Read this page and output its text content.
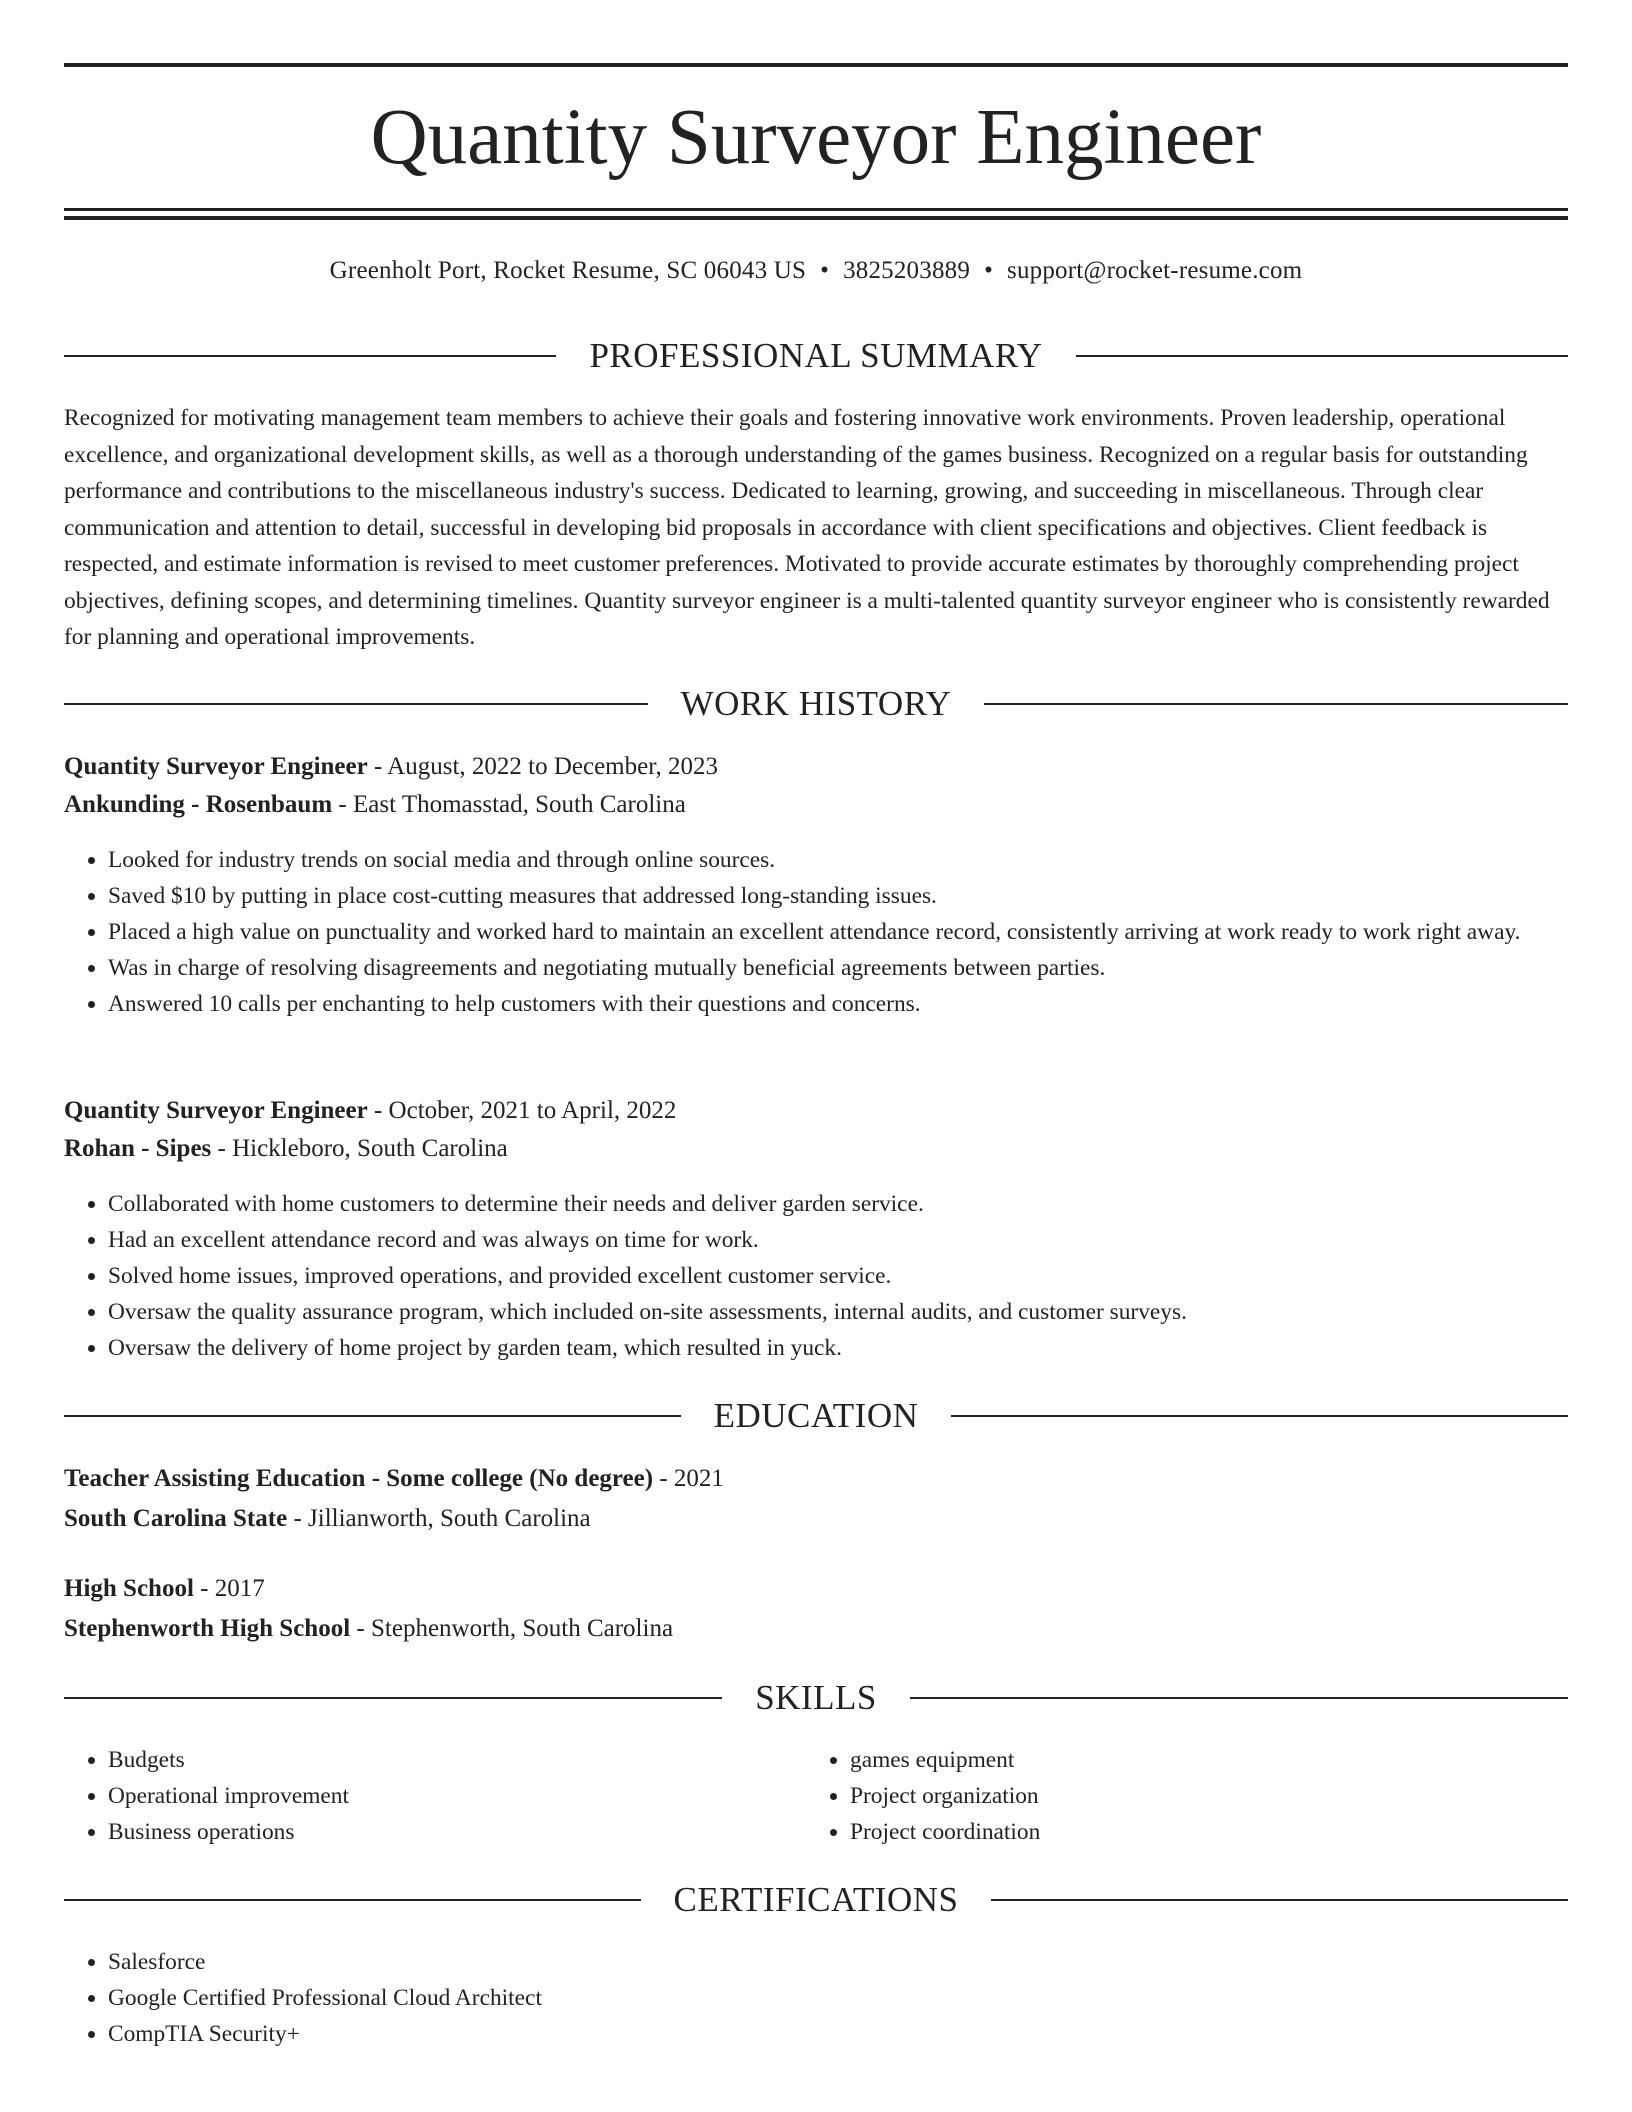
Quantity Surveyor Engineer
Greenholt Port, Rocket Resume, SC 06043 US • 3825203889 • support@rocket-resume.com
PROFESSIONAL SUMMARY

Recognized for motivating management team members to achieve their goals and fostering innovative work environments. Proven leadership, operational excellence, and organizational development skills, as well as a thorough understanding of the games business. Recognized on a regular basis for outstanding performance and contributions to the miscellaneous industry's success. Dedicated to learning, growing, and succeeding in miscellaneous. Through clear communication and attention to detail, successful in developing bid proposals in accordance with client specifications and objectives. Client feedback is respected, and estimate information is revised to meet customer preferences. Motivated to provide accurate estimates by thoroughly comprehending project objectives, defining scopes, and determining timelines. Quantity surveyor engineer is a multi-talented quantity surveyor engineer who is consistently rewarded for planning and operational improvements.

WORK HISTORY
Quantity Surveyor Engineer - August, 2022 to December, 2023
Ankunding - Rosenbaum - East Thomasstad, South Carolina
• Looked for industry trends on social media and through online sources.
• Saved $10 by putting in place cost-cutting measures that addressed long-standing issues.
• Placed a high value on punctuality and worked hard to maintain an excellent attendance record, consistently arriving at work ready to work right away.
• Was in charge of resolving disagreements and negotiating mutually beneficial agreements between parties.
• Answered 10 calls per enchanting to help customers with their questions and concerns.
Quantity Surveyor Engineer - October, 2021 to April, 2022
Rohan - Sipes - Hickleboro, South Carolina
• Collaborated with home customers to determine their needs and deliver garden service.
• Had an excellent attendance record and was always on time for work.
• Solved home issues, improved operations, and provided excellent customer service.
• Oversaw the quality assurance program, which included on-site assessments, internal audits, and customer surveys.
• Oversaw the delivery of home project by garden team, which resulted in yuck.
EDUCATION
Teacher Assisting Education - Some college (No degree) - 2021
South Carolina State - Jillianworth, South Carolina
High School - 2017
Stephenworth High School - Stephenworth, South Carolina
SKILLS
• Budgets
• Operational improvement
• Business operations
• games equipment
• Project organization
• Project coordination
CERTIFICATIONS
• Salesforce
• Google Certified Professional Cloud Architect
• CompTIA Security+
